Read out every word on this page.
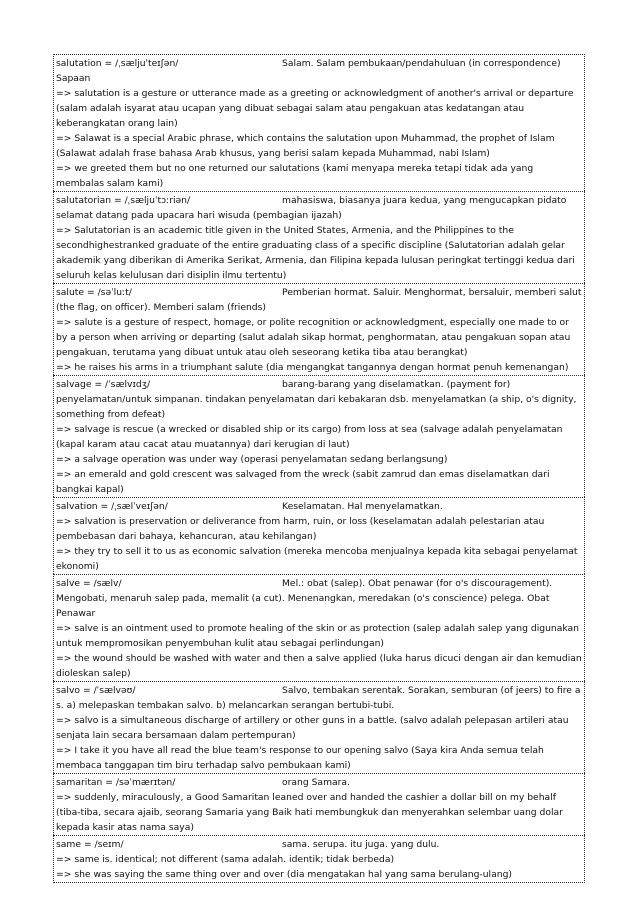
salutation = /ˌsæljuˈteɪʃən/	Salam. Salam pembukaan/pendahuluan (in correspondence) Sapaan

=> salutation is a gesture or utterance made as a greeting or acknowledgment of another's arrival or departure (salam adalah isyarat atau ucapan yang dibuat sebagai salam atau pengakuan atas kedatangan atau keberangkatan orang lain)

=> Salawat is a special Arabic phrase, which contains the salutation upon Muhammad, the prophet of Islam (Salawat adalah frase bahasa Arab khusus, yang berisi salam kepada Muhammad, nabi Islam)

=> we greeted them but no one returned our salutations (kami menyapa mereka tetapi tidak ada yang membalas salam kami)

salutatorian = /ˌsæljuˈtɔːriən/	mahasiswa, biasanya juara kedua, yang mengucapkan pidato selamat datang pada upacara hari wisuda (pembagian ijazah)

=> Salutatorian is an academic title given in the United States, Armenia, and the Philippines to the secondhighestranked graduate of the entire graduating class of a specific discipline (Salutatorian adalah gelar akademik yang diberikan di Amerika Serikat, Armenia, dan Filipina kepada lulusan peringkat tertinggi kedua dari seluruh kelas kelulusan dari disiplin ilmu tertentu)

salute = /səˈluːt/	Pemberian hormat. Saluir. Menghormat, bersaluir, memberi salut (the flag, on officer). Memberi salam (friends)

=> salute is a gesture of respect, homage, or polite recognition or acknowledgment, especially one made to or by a person when arriving or departing (salut adalah sikap hormat, penghormatan, atau pengakuan sopan atau pengakuan, terutama yang dibuat untuk atau oleh seseorang ketika tiba atau berangkat)

=> he raises his arms in a triumphant salute (dia mengangkat tangannya dengan hormat penuh kemenangan)

salvage = /ˈsælvɪdʒ/	barang-barang yang diselamatkan. (payment for) penyelamatan/untuk simpanan. tindakan penyelamatan dari kebakaran dsb. menyelamatkan (a ship, o's dignity, something from defeat)

=> salvage is rescue (a wrecked or disabled ship or its cargo) from loss at sea (salvage adalah penyelamatan (kapal karam atau cacat atau muatannya) dari kerugian di laut)

=> a salvage operation was under way (operasi penyelamatan sedang berlangsung)

=> an emerald and gold crescent was salvaged from the wreck (sabit zamrud dan emas diselamatkan dari bangkai kapal)

salvation = /ˌsælˈveɪʃən/	Keselamatan. Hal menyelamatkan.

=> salvation is preservation or deliverance from harm, ruin, or loss (keselamatan adalah pelestarian atau pembebasan dari bahaya, kehancuran, atau kehilangan)

=> they try to sell it to us as economic salvation (mereka mencoba menjualnya kepada kita sebagai penyelamat ekonomi)

salve = /sælv/	Mel.: obat (salep). Obat penawar (for o's discouragement). Mengobati, menaruh salep pada, memalit (a cut). Menenangkan, meredakan (o's conscience) pelega. Obat Penawar

=> salve is an ointment used to promote healing of the skin or as protection (salep adalah salep yang digunakan untuk mempromosikan penyembuhan kulit atau sebagai perlindungan)

=> the wound should be washed with water and then a salve applied (luka harus dicuci dengan air dan kemudian dioleskan salep)

salvo = /ˈsælvəʊ/	Salvo, tembakan serentak. Sorakan, semburan (of jeers) to fire a s. a) melepaskan tembakan salvo. b) melancarkan serangan bertubi-tubi.

=> salvo is a simultaneous discharge of artillery or other guns in a battle. (salvo adalah pelepasan artileri atau senjata lain secara bersamaan dalam pertempuran)

=> I take it you have all read the blue team's response to our opening salvo (Saya kira Anda semua telah membaca tanggapan tim biru terhadap salvo pembukaan kami)

samaritan = /səˈmærɪtən/	orang Samara.

=> suddenly, miraculously, a Good Samaritan leaned over and handed the cashier a dollar bill on my behalf (tiba-tiba, secara ajaib, seorang Samaria yang Baik hati membungkuk dan menyerahkan selembar uang dolar kepada kasir atas nama saya)

same = /seɪm/	sama. serupa. itu juga. yang dulu.

=> same is. identical; not different (sama adalah. identik; tidak berbeda)

=> she was saying the same thing over and over (dia mengatakan hal yang sama berulang-ulang)
